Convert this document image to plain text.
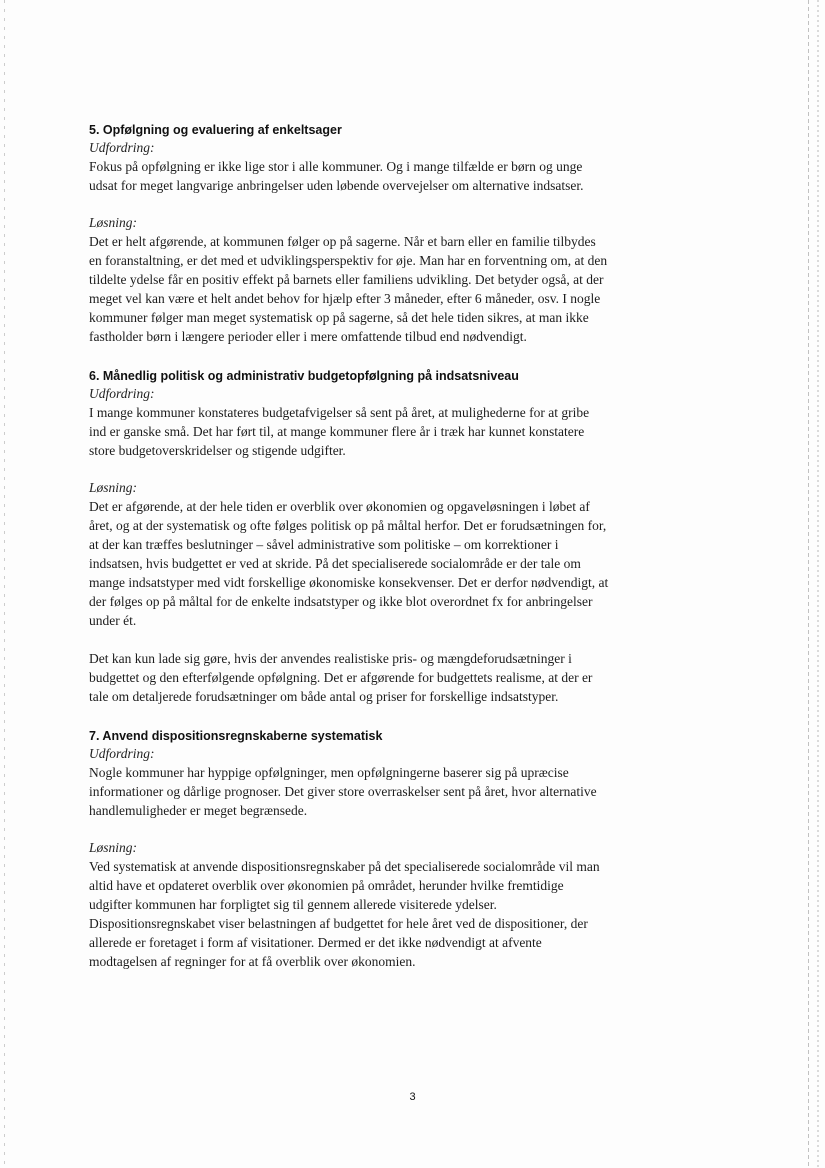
5. Opfølgning og evaluering af enkeltsager

Udfordring:

Fokus på opfølgning er ikke lige stor i alle kommuner. Og i mange tilfælde er børn og unge udsat for meget langvarige anbringelser uden løbende overvejelser om alternative indsatser.

Løsning:

Det er helt afgørende, at kommunen følger op på sagerne. Når et barn eller en familie tilbydes en foranstaltning, er det med et udviklingsperspektiv for øje. Man har en forventning om, at den tildelte ydelse får en positiv effekt på barnets eller familiens udvikling. Det betyder også, at der meget vel kan være et helt andet behov for hjælp efter 3 måneder, efter 6 måneder, osv. I nogle kommuner følger man meget systematisk op på sagerne, så det hele tiden sikres, at man ikke fastholder børn i længere perioder eller i mere omfattende tilbud end nødvendigt.

6. Månedlig politisk og administrativ budgetopfølgning på indsatsniveau

Udfordring:

I mange kommuner konstateres budgetafvigelser så sent på året, at mulighederne for at gribe ind er ganske små. Det har ført til, at mange kommuner flere år i træk har kunnet konstatere store budgetoverskridelser og stigende udgifter.

Løsning:

Det er afgørende, at der hele tiden er overblik over økonomien og opgaveløsningen i løbet af året, og at der systematisk og ofte følges politisk op på måltal herfor. Det er forudsætningen for, at der kan træffes beslutninger – såvel administrative som politiske – om korrektioner i indsatsen, hvis budgettet er ved at skride. På det specialiserede socialområde er der tale om mange indsatstyper med vidt forskellige økonomiske konsekvenser. Det er derfor nødvendigt, at der følges op på måltal for de enkelte indsatstyper og ikke blot overordnet fx for anbringelser under ét.

Det kan kun lade sig gøre, hvis der anvendes realistiske pris- og mængdeforudsætninger i budgettet og den efterfølgende opfølgning. Det er afgørende for budgettets realisme, at der er tale om detaljerede forudsætninger om både antal og priser for forskellige indsatstyper.

7. Anvend dispositionsregnskaberne systematisk

Udfordring:

Nogle kommuner har hyppige opfølgninger, men opfølgningerne baserer sig på upræcise informationer og dårlige prognoser. Det giver store overraskelser sent på året, hvor alternative handlemuligheder er meget begrænsede.

Løsning:

Ved systematisk at anvende dispositionsregnskaber på det specialiserede socialområde vil man altid have et opdateret overblik over økonomien på området, herunder hvilke fremtidige udgifter kommunen har forpligtet sig til gennem allerede visiterede ydelser. Dispositionsregnskabet viser belastningen af budgettet for hele året ved de dispositioner, der allerede er foretaget i form af visitationer. Dermed er det ikke nødvendigt at afvente modtagelsen af regninger for at få overblik over økonomien.

3
